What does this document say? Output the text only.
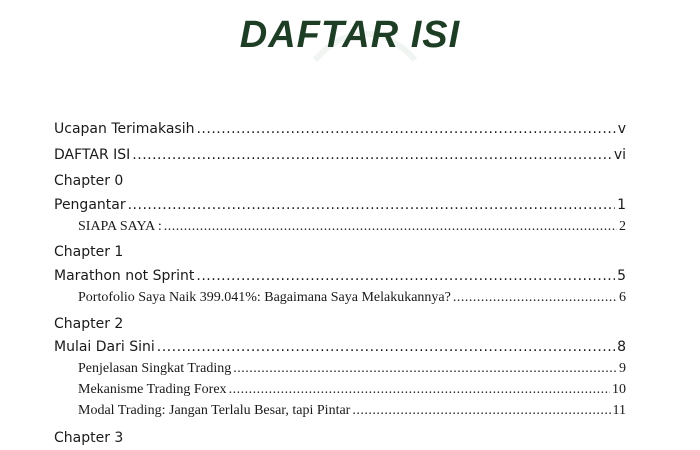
DAFTAR ISI
Ucapan Terimakasih .....	v
DAFTAR ISI .....	vi
Chapter 0
Pengantar .....	1
SIAPA SAYA : .....	2
Chapter 1
Marathon not Sprint .....	5
Portofolio Saya Naik 399.041%: Bagaimana Saya Melakukannya? .....	6
Chapter 2
Mulai Dari Sini .....	8
Penjelasan Singkat Trading .....	9
Mekanisme Trading Forex .....	10
Modal Trading: Jangan Terlalu Besar, tapi Pintar .....	11
Chapter 3
